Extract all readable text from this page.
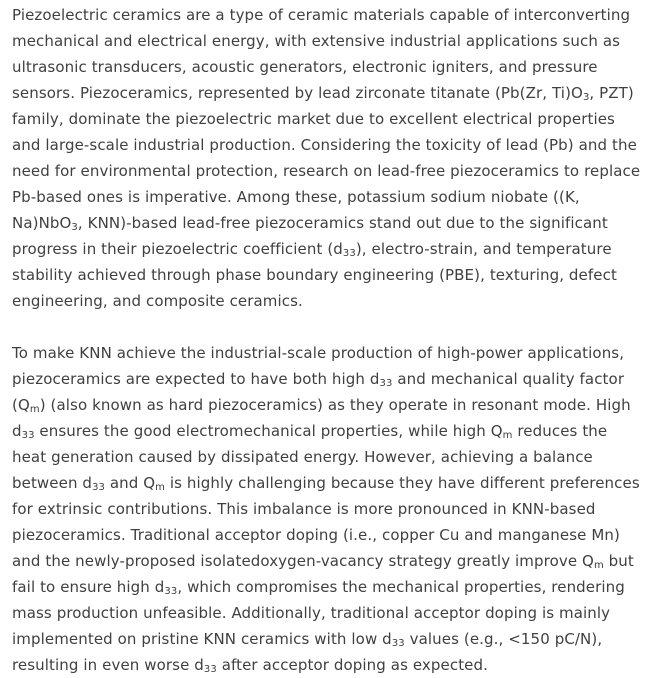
Piezoelectric ceramics are a type of ceramic materials capable of interconverting mechanical and electrical energy, with extensive industrial applications such as ultrasonic transducers, acoustic generators, electronic igniters, and pressure sensors. Piezoceramics, represented by lead zirconate titanate (Pb(Zr, $Ti)O_3$, PZT) family, dominate the piezoelectric market due to excellent electrical properties and large-scale industrial production. Considering the toxicity of lead (Pb) and the need for environmental protection, research on lead-free piezoceramics to replace Pb-based ones is imperative. Among these, potassium sodium niobate ((K, Na)NbO$_3$, KNN)-based lead-free piezoceramics stand out due to the significant progress in their piezoelectric coefficient $(d_{33})$, electro-strain, and temperature stability achieved through phase boundary engineering (PBE), texturing, defect engineering, and composite ceramics.

To make KNN achieve the industrial-scale production of high-power applications, piezoceramics are expected to have both high $d_{33}$ and mechanical quality factor $(Q_m)$ (also known as hard piezoceramics) as they operate in resonant mode. High $d_{33}$ ensures the good electromechanical properties, while high $Q_m$ reduces the heat generation caused by dissipated energy. However, achieving a balance between $d_{33}$ and $Q_m$ is highly challenging because they have different preferences for extrinsic contributions. This imbalance is more pronounced in KNN-based piezoceramics. Traditional acceptor doping (i.e., copper Cu and manganese Mn) and the newly-proposed isolatedoxygen-vacancy strategy greatly improve $Q_m$ but fail to ensure high $d_{33}$, which compromises the mechanical properties, rendering mass production unfeasible. Additionally, traditional acceptor doping is mainly implemented on pristine KNN ceramics with low $d_{33}$ values (e.g., <150 pC/N), resulting in even worse $d_{33}$ after acceptor doping as expected.
